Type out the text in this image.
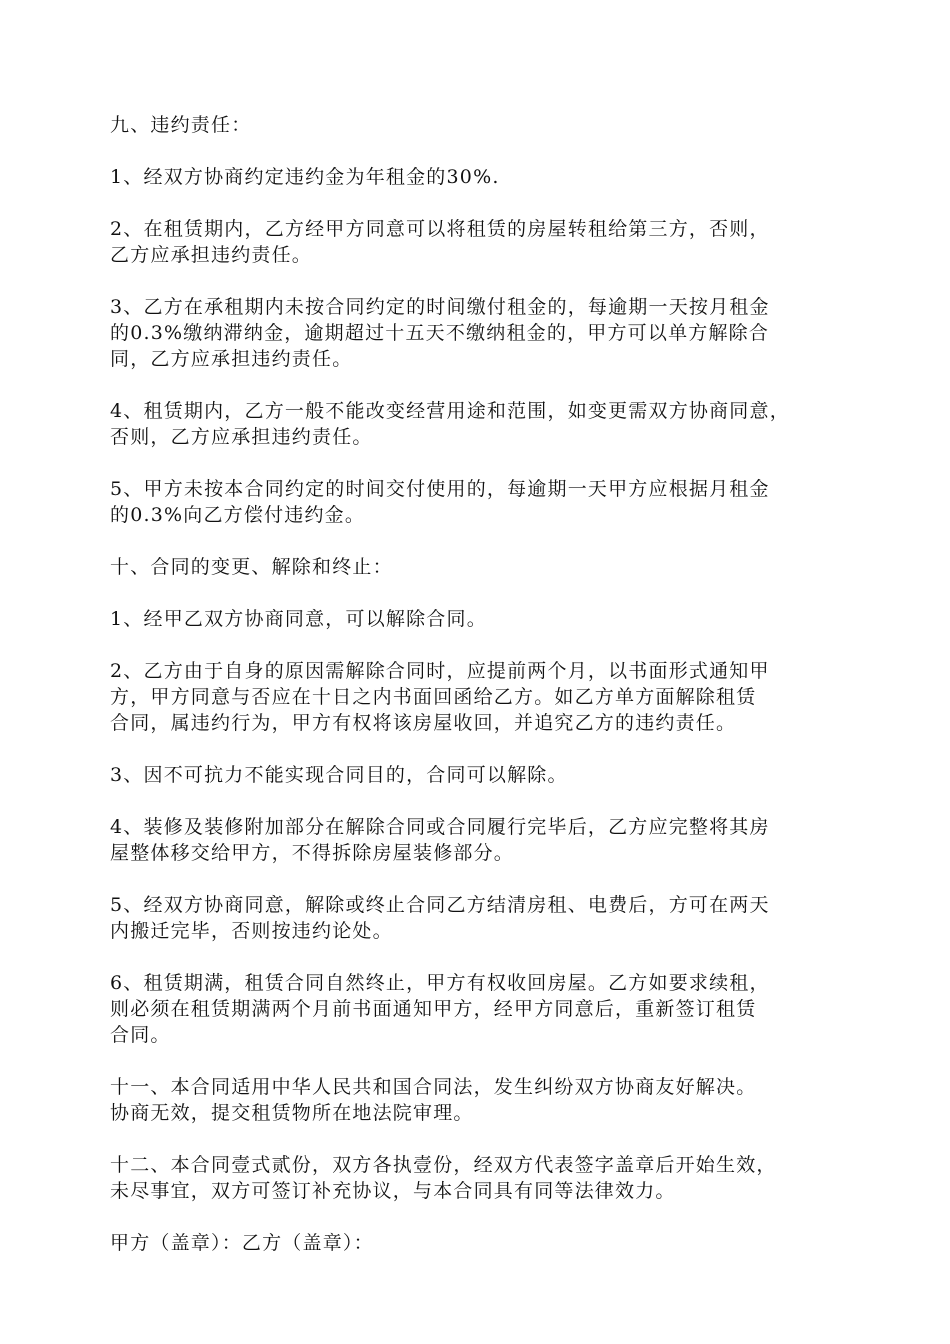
九、违约责任：

1、经双方协商约定违约金为年租金的30%.

2、在租赁期内，乙方经甲方同意可以将租赁的房屋转租给第三方，否则，
乙方应承担违约责任。

3、乙方在承租期内未按合同约定的时间缴付租金的，每逾期一天按月租金
的0.3%缴纳滞纳金，逾期超过十五天不缴纳租金的，甲方可以单方解除合
同，乙方应承担违约责任。

4、租赁期内，乙方一般不能改变经营用途和范围，如变更需双方协商同意，
否则，乙方应承担违约责任。

5、甲方未按本合同约定的时间交付使用的，每逾期一天甲方应根据月租金
的0.3%向乙方偿付违约金。

十、合同的变更、解除和终止：

1、经甲乙双方协商同意，可以解除合同。

2、乙方由于自身的原因需解除合同时，应提前两个月，以书面形式通知甲
方，甲方同意与否应在十日之内书面回函给乙方。如乙方单方面解除租赁
合同，属违约行为，甲方有权将该房屋收回，并追究乙方的违约责任。

3、因不可抗力不能实现合同目的，合同可以解除。

4、装修及装修附加部分在解除合同或合同履行完毕后，乙方应完整将其房
屋整体移交给甲方，不得拆除房屋装修部分。

5、经双方协商同意，解除或终止合同乙方结清房租、电费后，方可在两天
内搬迁完毕，否则按违约论处。

6、租赁期满，租赁合同自然终止，甲方有权收回房屋。乙方如要求续租，
则必须在租赁期满两个月前书面通知甲方，经甲方同意后，重新签订租赁
合同。

十一、本合同适用中华人民共和国合同法，发生纠纷双方协商友好解决。
协商无效，提交租赁物所在地法院审理。

十二、本合同壹式贰份，双方各执壹份，经双方代表签字盖章后开始生效，
未尽事宜，双方可签订补充协议，与本合同具有同等法律效力。

甲方（盖章）：乙方（盖章）：
